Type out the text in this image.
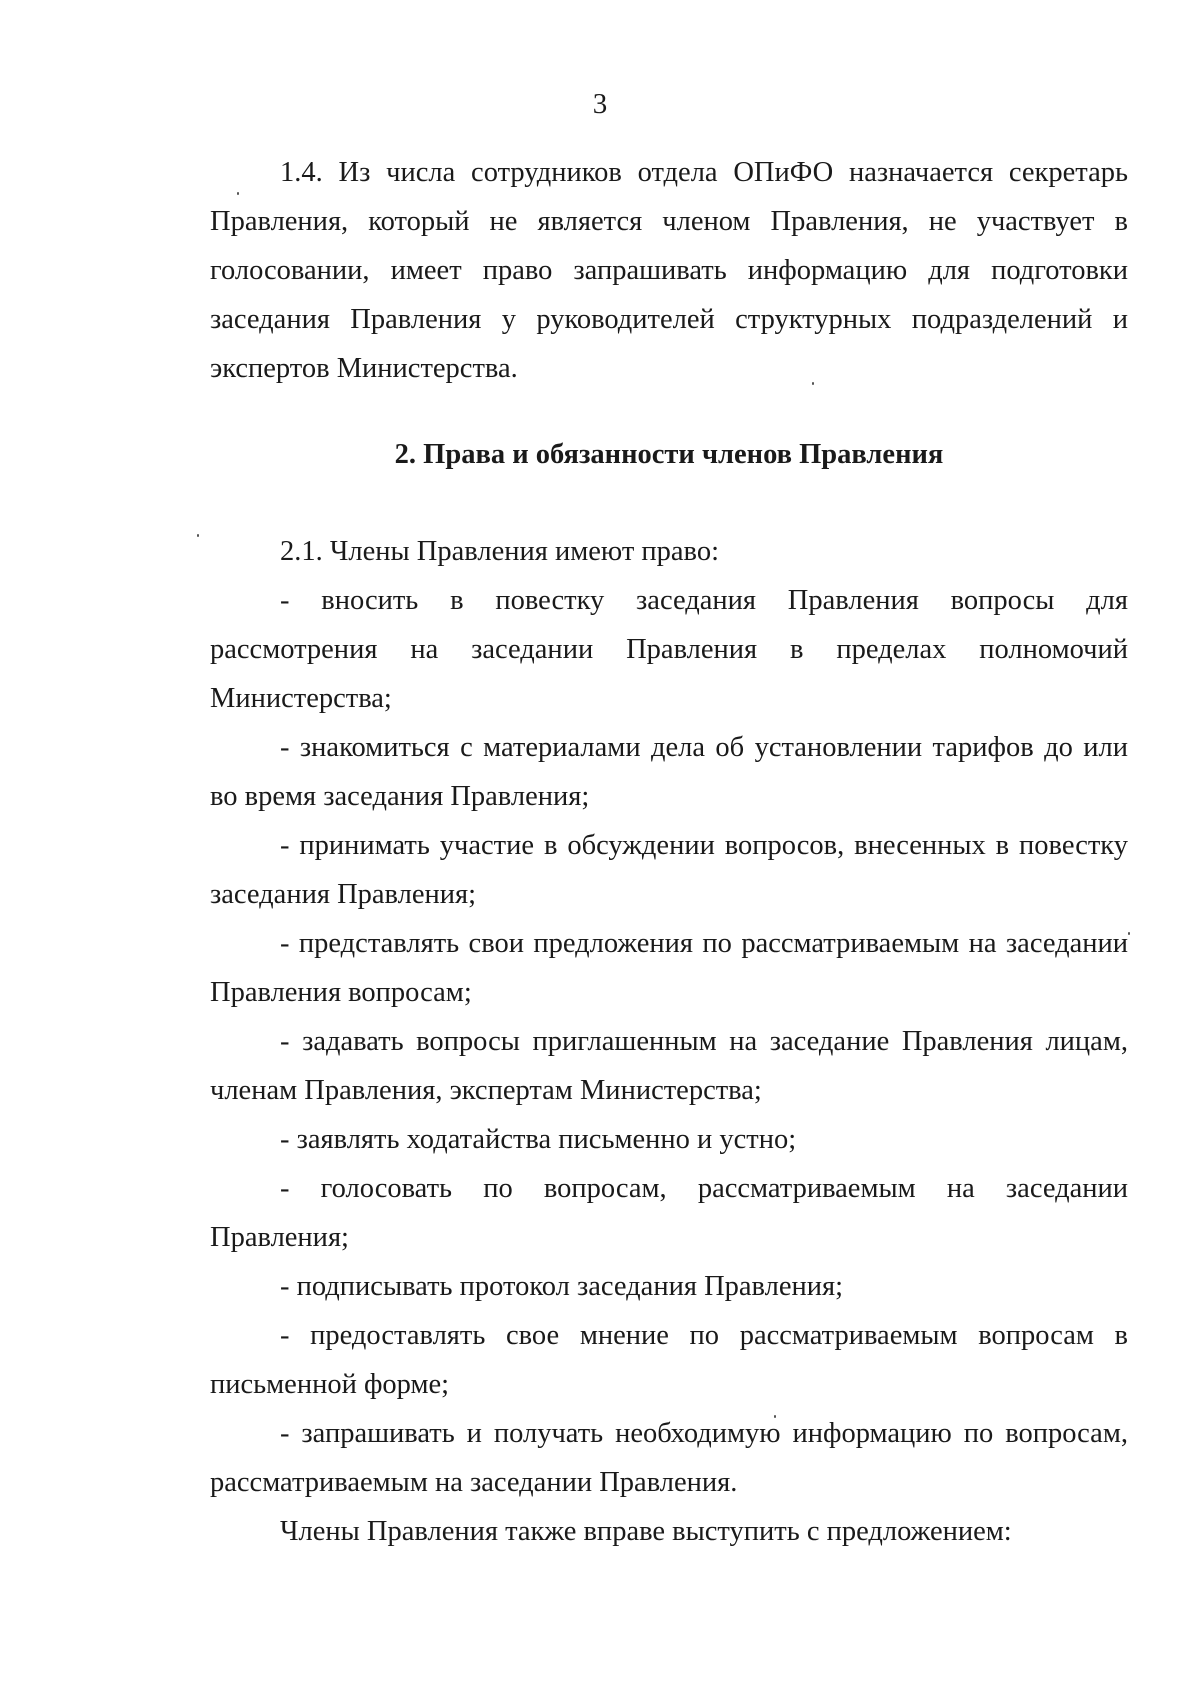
3

1.4. Из числа сотрудников отдела ОПиФО назначается секретарь Правления, который не является членом Правления, не участвует в голосовании, имеет право запрашивать информацию для подготовки заседания Правления у руководителей структурных подразделений и экспертов Министерства.

2. Права и обязанности членов Правления

2.1. Члены Правления имеют право:

- вносить в повестку заседания Правления вопросы для рассмотрения на заседании Правления в пределах полномочий Министерства;

- знакомиться с материалами дела об установлении тарифов до или во время заседания Правления;

- принимать участие в обсуждении вопросов, внесенных в повестку заседания Правления;

- представлять свои предложения по рассматриваемым на заседании Правления вопросам;

- задавать вопросы приглашенным на заседание Правления лицам, членам Правления, экспертам Министерства;

- заявлять ходатайства письменно и устно;

- голосовать по вопросам, рассматриваемым на заседании Правления;

- подписывать протокол заседания Правления;

- предоставлять свое мнение по рассматриваемым вопросам в письменной форме;

- запрашивать и получать необходимую информацию по вопросам, рассматриваемым на заседании Правления.

Члены Правления также вправе выступить с предложением:
